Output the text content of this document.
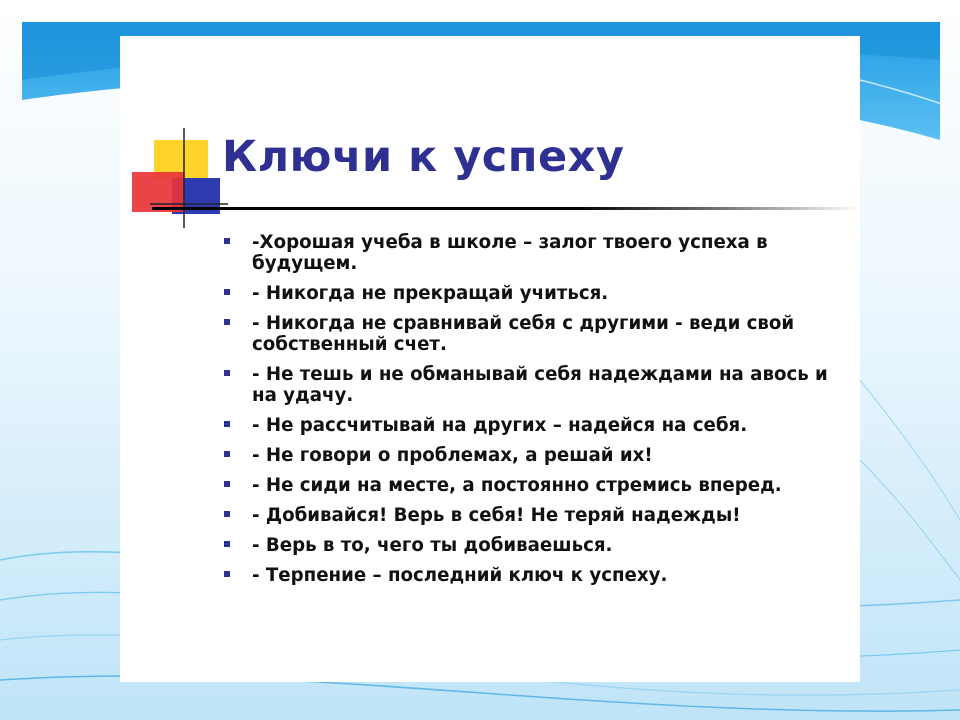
Ключи к успеху
-Хорошая учеба в школе – залог твоего успеха в будущем.
- Никогда не прекращай учиться.
- Никогда не сравнивай себя с другими - веди свой собственный счет.
- Не тешь и не обманывай себя надеждами на авось и на удачу.
- Не рассчитывай на других – надейся на себя.
- Не говори о проблемах, а решай их!
- Не сиди на месте, а постоянно стремись вперед.
- Добивайся! Верь в себя! Не теряй надежды!
- Верь в то, чего ты добиваешься.
- Терпение – последний ключ к успеху.
